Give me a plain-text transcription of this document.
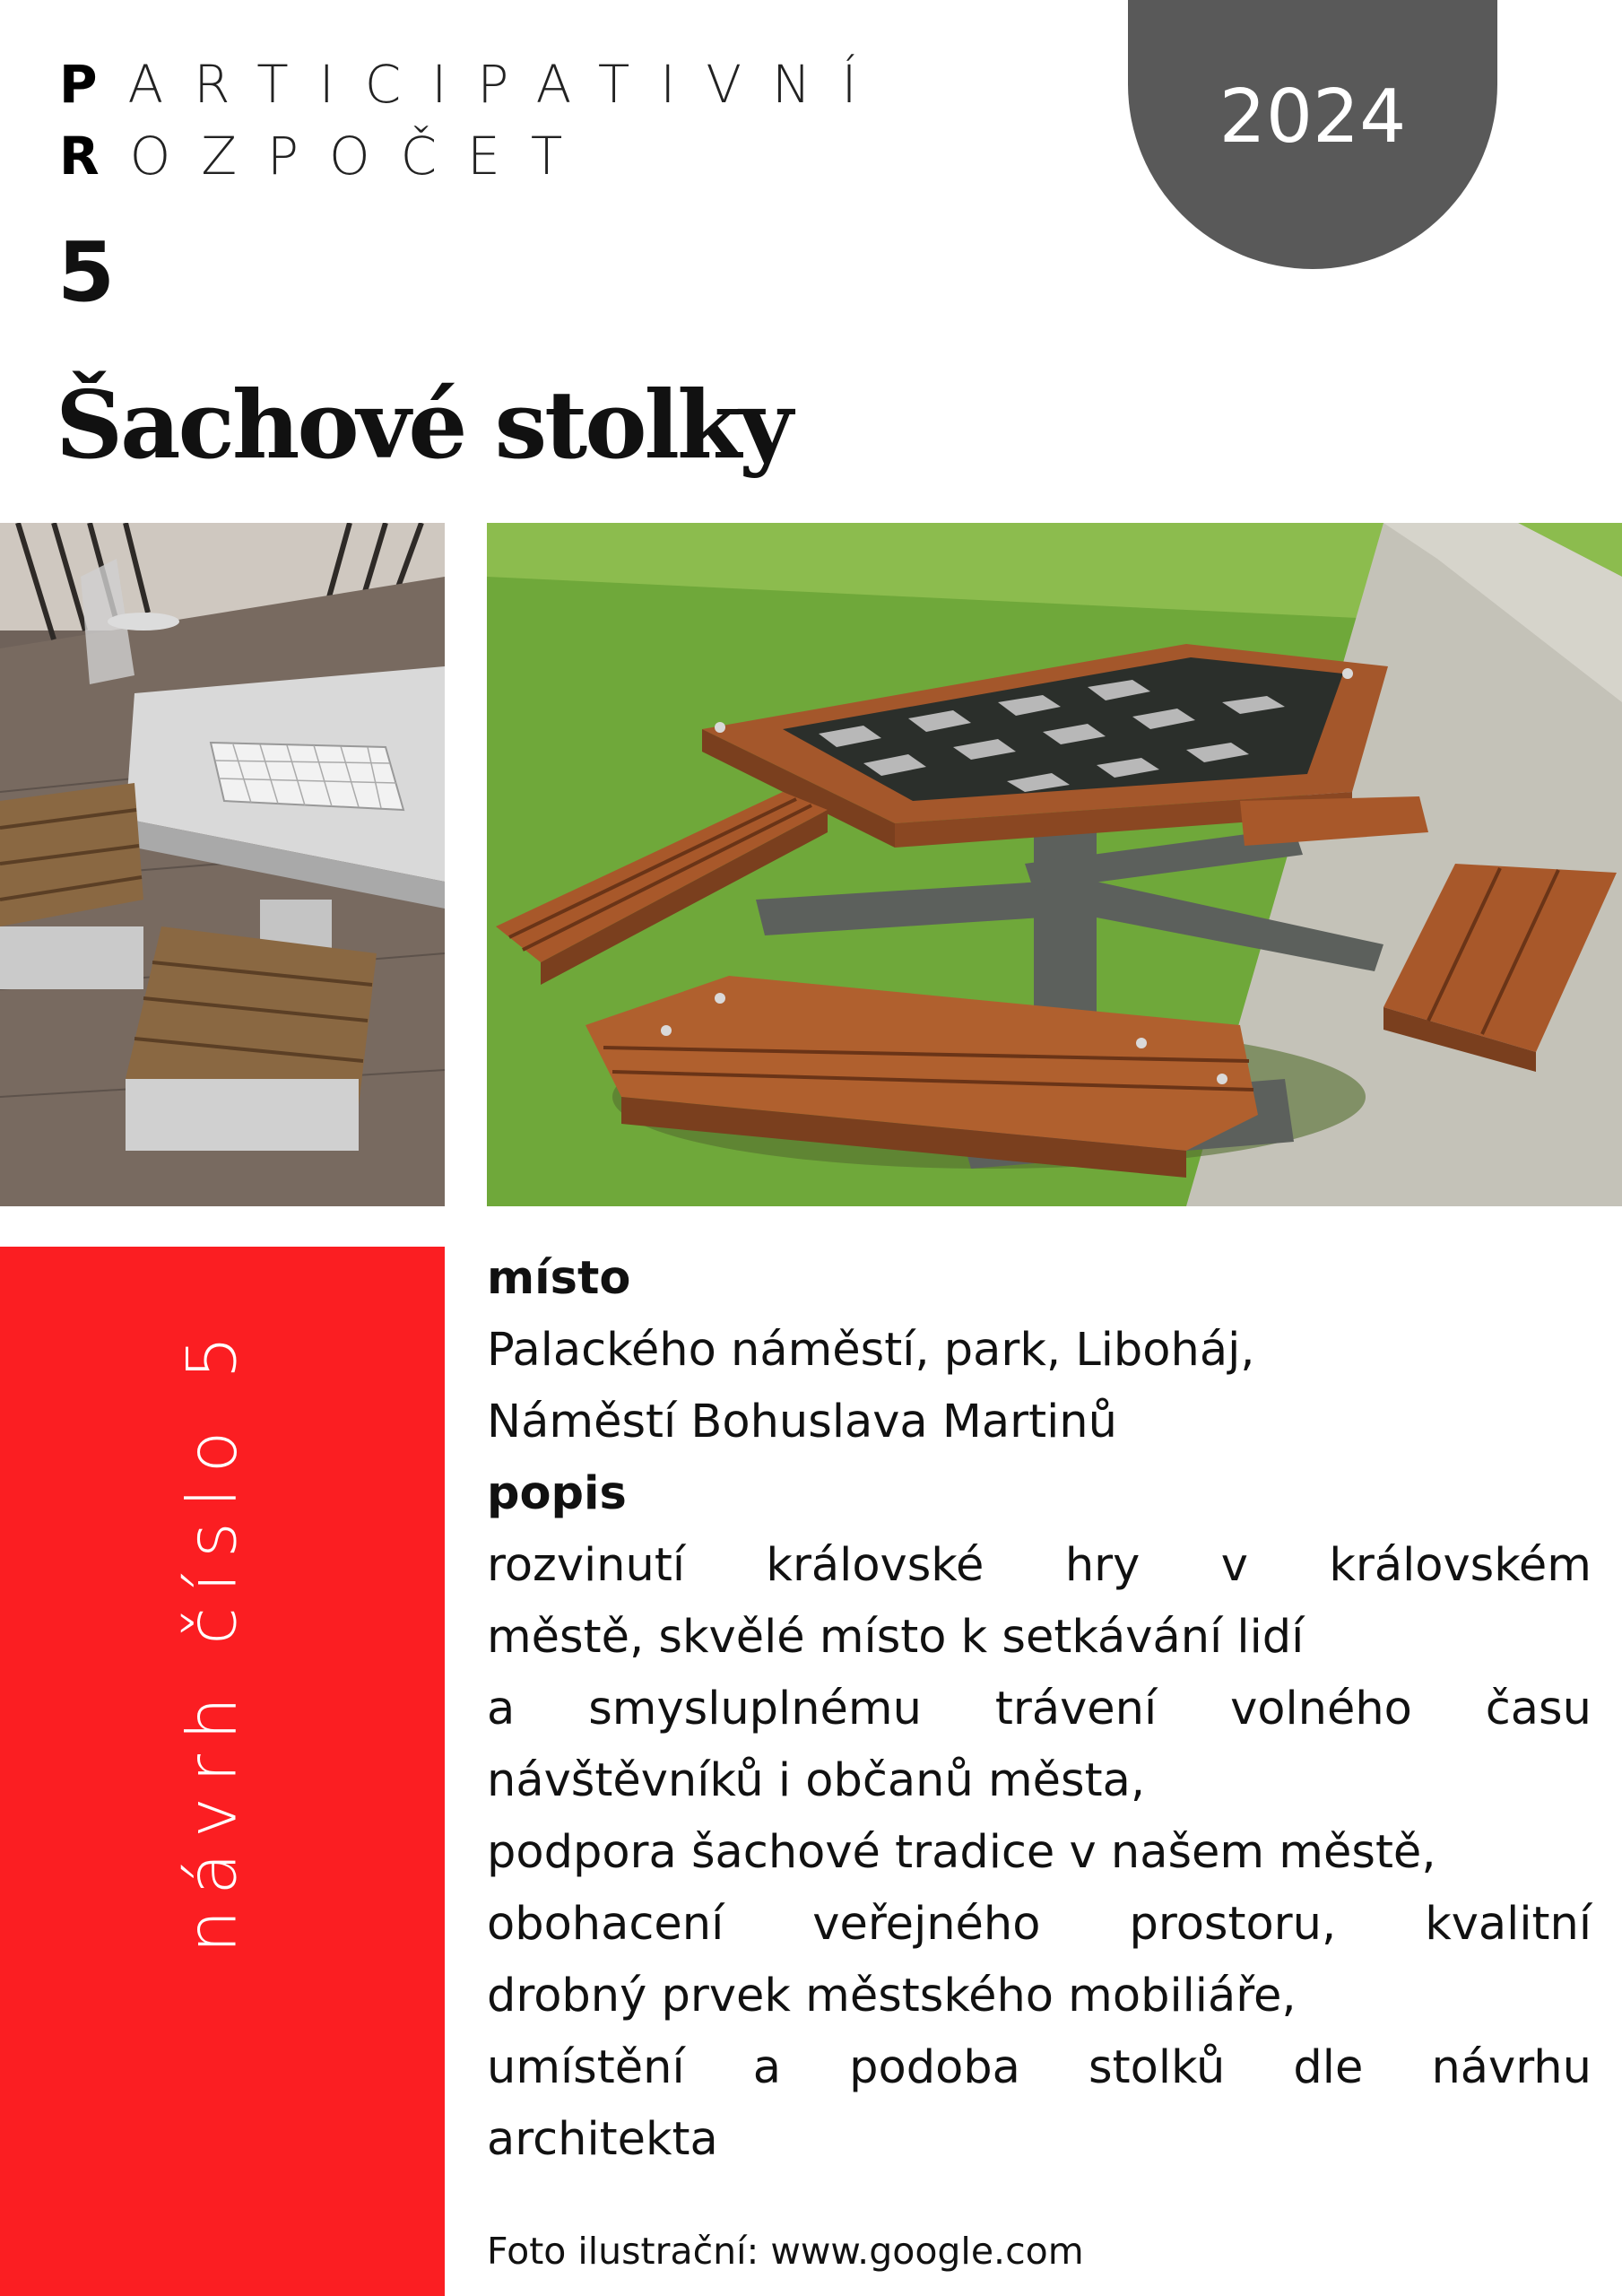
PARTICIPATIVNÍ
ROZPOČET	2024
5
Šachové stolky
návrh číslo 5
místo
Palackého náměstí, park, Liboháj,
Náměstí Bohuslava Martinů
popis
rozvinutí královské hry v královském
městě, skvělé místo k setkávání lidí
a smysluplnému trávení volného času
návštěvníků i občanů města,
podpora šachové tradice v našem městě,
obohacení veřejného prostoru, kvalitní
drobný prvek městského mobiliáře,
umístění a podoba stolků dle návrhu
architekta
Foto ilustrační: www.google.com
